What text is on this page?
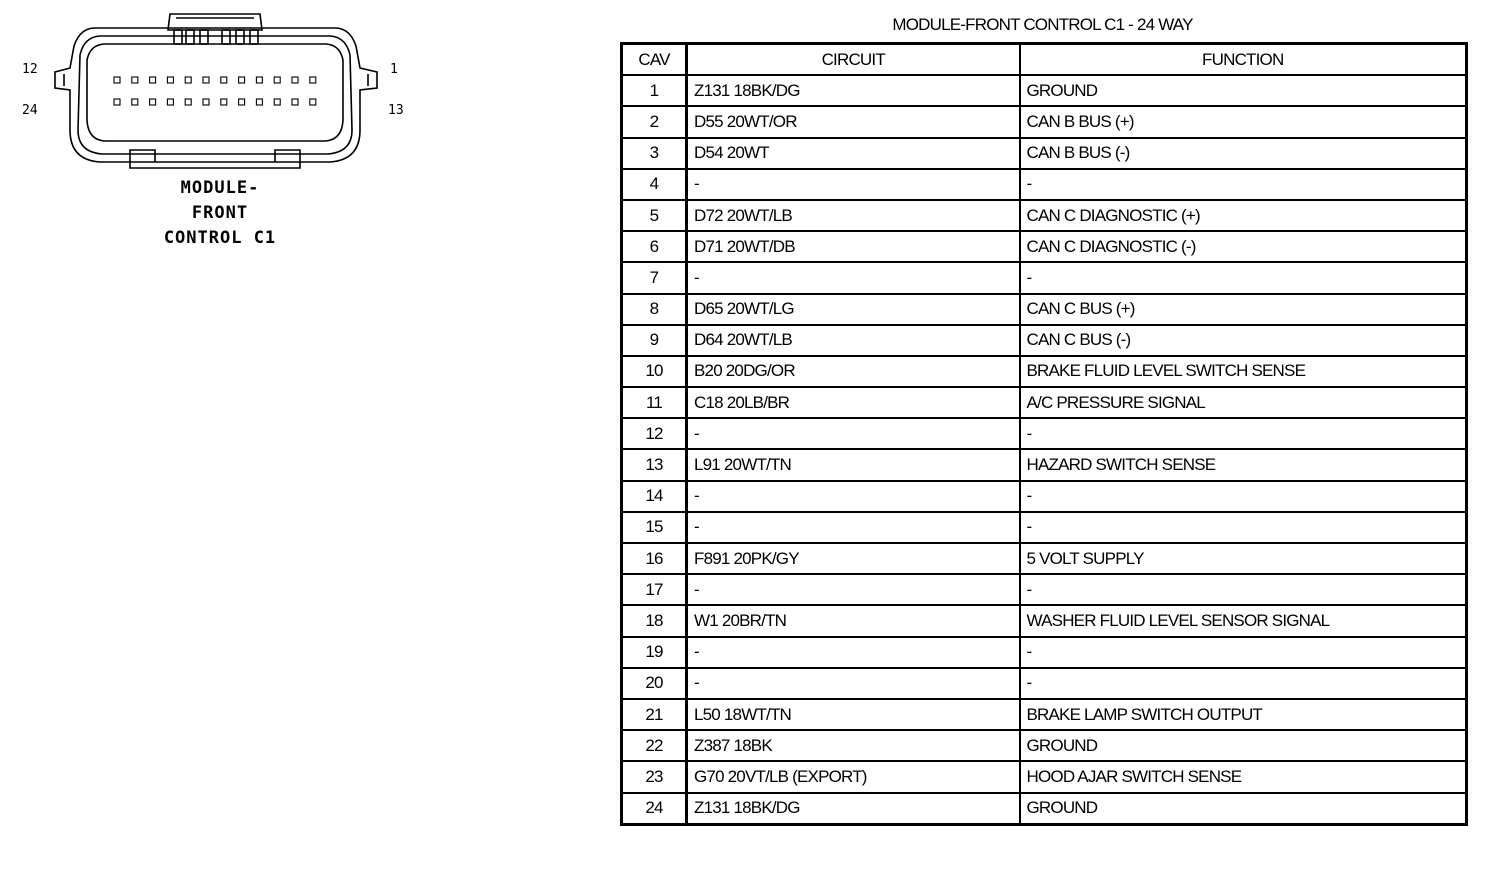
12
24
1
13
MODULE-
FRONT
CONTROL C1
MODULE-FRONT CONTROL C1 - 24 WAY
CAV	CIRCUIT	FUNCTION
1	Z131 18BK/DG	GROUND
2	D55 20WT/OR	CAN B BUS (+)
3	D54 20WT	CAN B BUS (-)
4	-	-
5	D72 20WT/LB	CAN C DIAGNOSTIC (+)
6	D71 20WT/DB	CAN C DIAGNOSTIC (-)
7	-	-
8	D65 20WT/LG	CAN C BUS (+)
9	D64 20WT/LB	CAN C BUS (-)
10	B20 20DG/OR	BRAKE FLUID LEVEL SWITCH SENSE
11	C18 20LB/BR	A/C PRESSURE SIGNAL
12	-	-
13	L91 20WT/TN	HAZARD SWITCH SENSE
14	-	-
15	-	-
16	F891 20PK/GY	5 VOLT SUPPLY
17	-	-
18	W1 20BR/TN	WASHER FLUID LEVEL SENSOR SIGNAL
19	-	-
20	-	-
21	L50 18WT/TN	BRAKE LAMP SWITCH OUTPUT
22	Z387 18BK	GROUND
23	G70 20VT/LB (EXPORT)	HOOD AJAR SWITCH SENSE
24	Z131 18BK/DG	GROUND
